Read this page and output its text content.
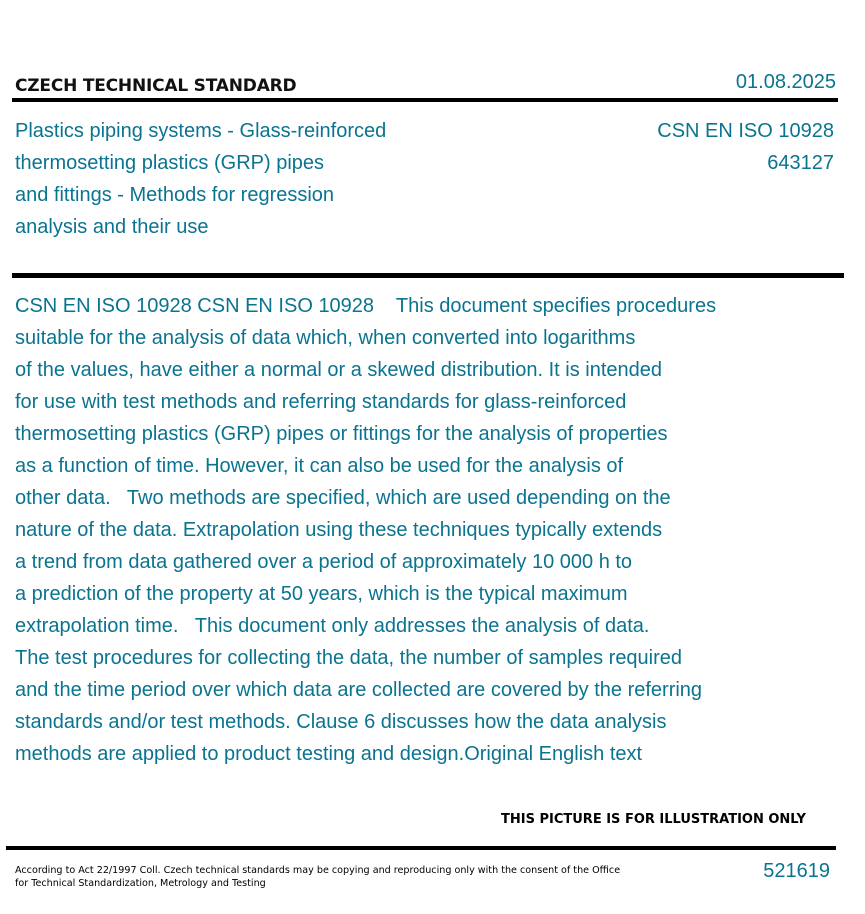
CZECH TECHNICAL STANDARD	01.08.2025
Plastics piping systems - Glass-reinforced
thermosetting plastics (GRP) pipes
and fittings - Methods for regression
analysis and their use
CSN EN ISO 10928
643127
CSN EN ISO 10928 CSN EN ISO 10928    This document specifies procedures
suitable for the analysis of data which, when converted into logarithms
of the values, have either a normal or a skewed distribution. It is intended
for use with test methods and referring standards for glass-reinforced
thermosetting plastics (GRP) pipes or fittings for the analysis of properties
as a function of time. However, it can also be used for the analysis of
other data.   Two methods are specified, which are used depending on the
nature of the data. Extrapolation using these techniques typically extends
a trend from data gathered over a period of approximately 10 000 h to
a prediction of the property at 50 years, which is the typical maximum
extrapolation time.   This document only addresses the analysis of data.
The test procedures for collecting the data, the number of samples required
and the time period over which data are collected are covered by the referring
standards and/or test methods. Clause 6 discusses how the data analysis
methods are applied to product testing and design.Original English text
THIS PICTURE IS FOR ILLUSTRATION ONLY
According to Act 22/1997 Coll. Czech technical standards may be copying and reproducing only with the consent of the Office
for Technical Standardization, Metrology and Testing
521619
